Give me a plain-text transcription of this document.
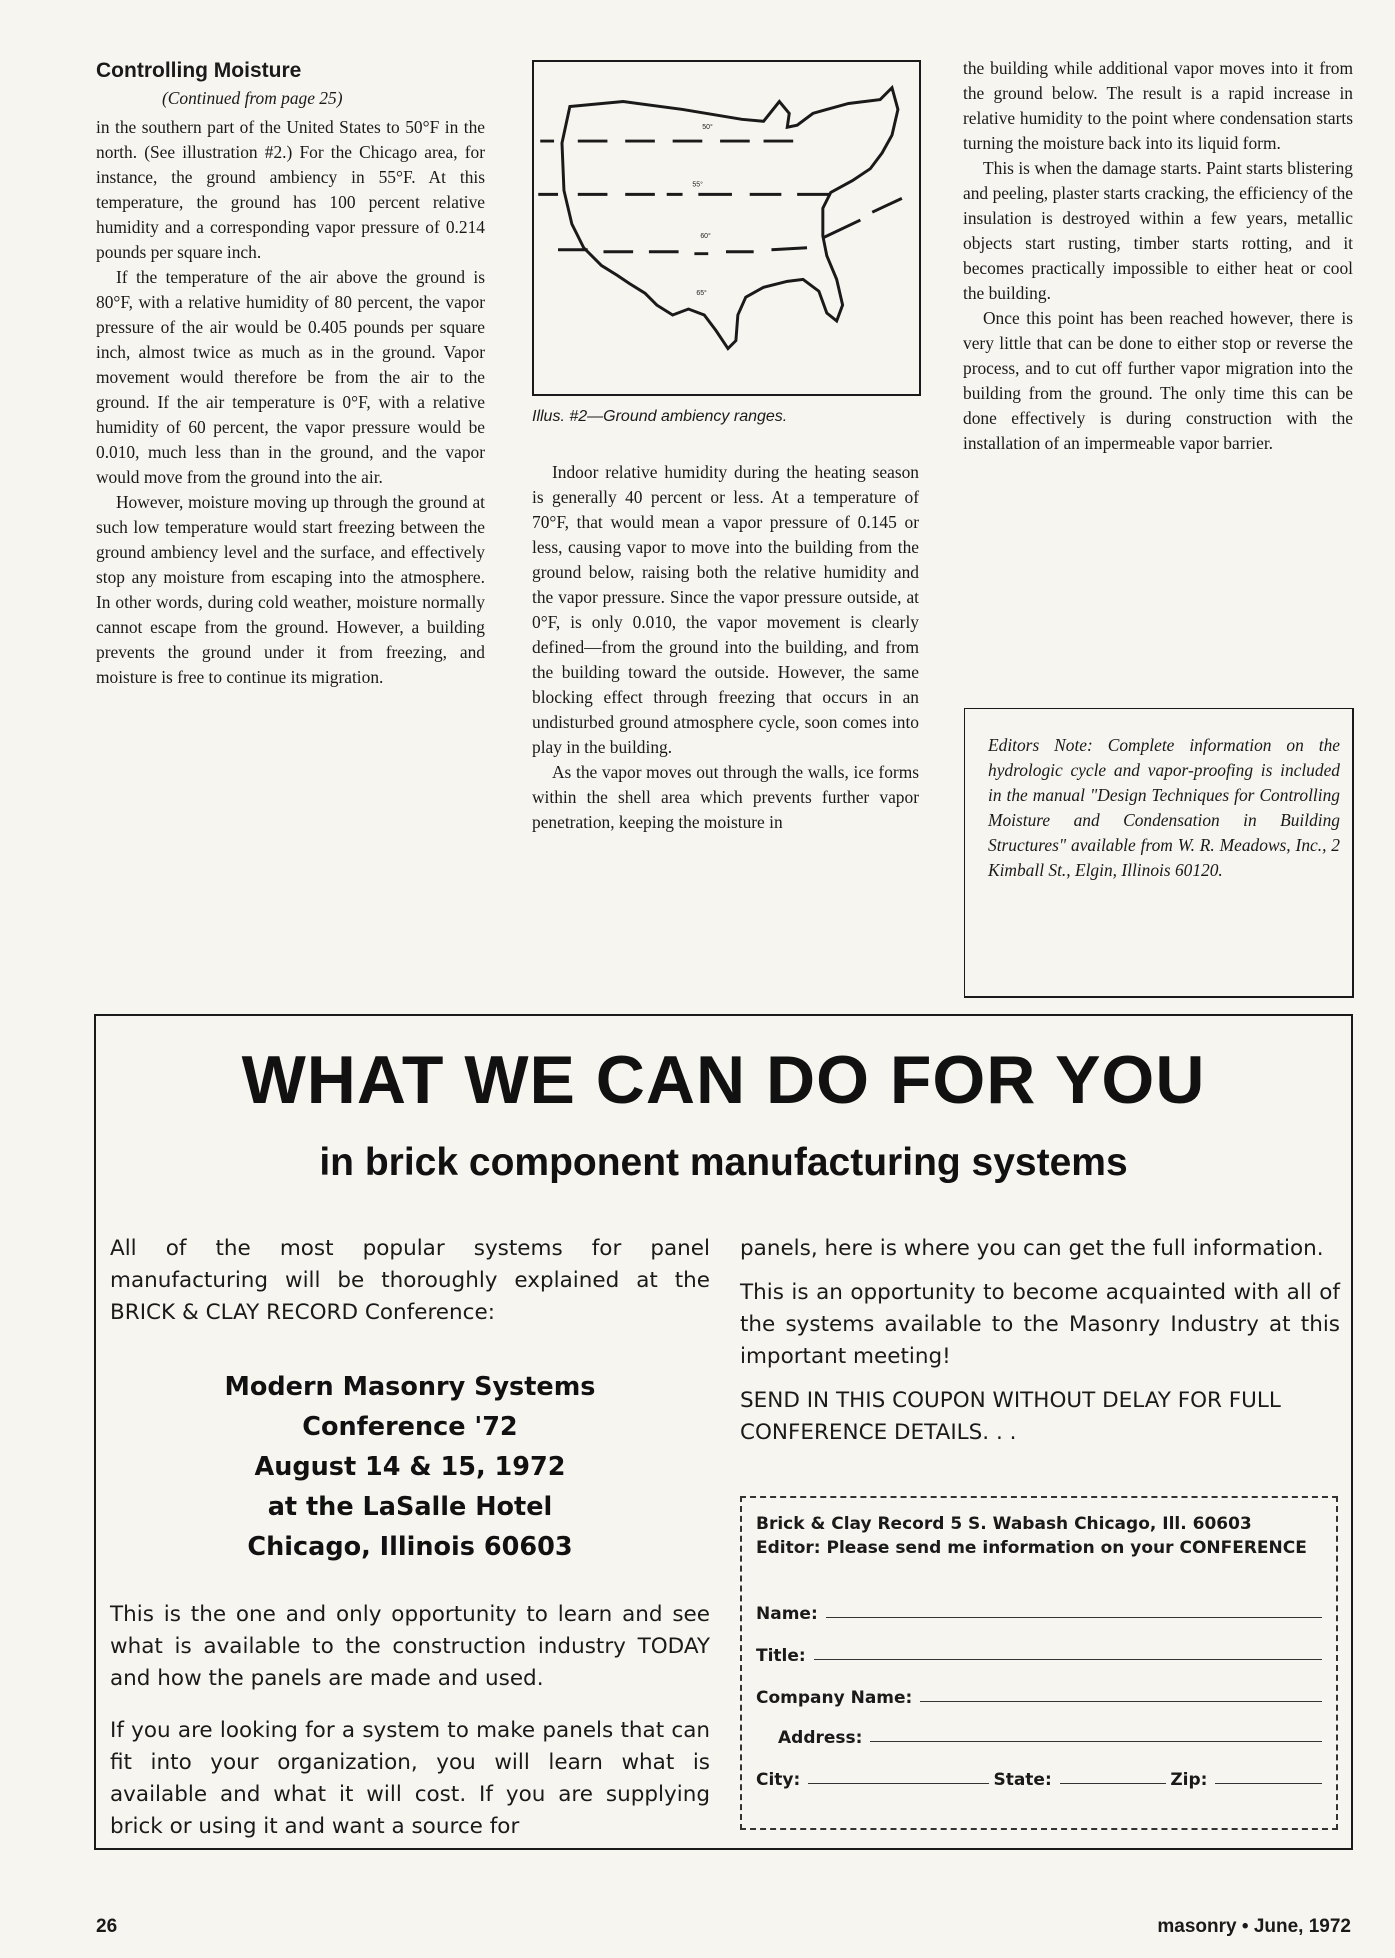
Controlling Moisture

(Continued from page 25)

in the southern part of the United States to 50°F in the north. (See illustration #2.) For the Chicago area, for instance, the ground ambiency in 55°F. At this temperature, the ground has 100 percent relative humidity and a corresponding vapor pressure of 0.214 pounds per square inch.

If the temperature of the air above the ground is 80°F, with a relative humidity of 80 percent, the vapor pressure of the air would be 0.405 pounds per square inch, almost twice as much as in the ground. Vapor movement would therefore be from the air to the ground. If the air temperature is 0°F, with a relative humidity of 60 percent, the vapor pressure would be 0.010, much less than in the ground, and the vapor would move from the ground into the air.

However, moisture moving up through the ground at such low temperature would start freezing between the ground ambiency level and the surface, and effectively stop any moisture from escaping into the atmosphere. In other words, during cold weather, moisture normally cannot escape from the ground. However, a building prevents the ground under it from freezing, and moisture is free to continue its migration.

50°
55°
60°
65°
Illus. #2—Ground ambiency ranges.

Indoor relative humidity during the heating season is generally 40 percent or less. At a temperature of 70°F, that would mean a vapor pressure of 0.145 or less, causing vapor to move into the building from the ground below, raising both the relative humidity and the vapor pressure. Since the vapor pressure outside, at 0°F, is only 0.010, the vapor movement is clearly defined—from the ground into the building, and from the building toward the outside. However, the same blocking effect through freezing that occurs in an undisturbed ground atmosphere cycle, soon comes into play in the building.

As the vapor moves out through the walls, ice forms within the shell area which prevents further vapor penetration, keeping the moisture in

the building while additional vapor moves into it from the ground below. The result is a rapid increase in relative humidity to the point where condensation starts turning the moisture back into its liquid form.

This is when the damage starts. Paint starts blistering and peeling, plaster starts cracking, the efficiency of the insulation is destroyed within a few years, metallic objects start rusting, timber starts rotting, and it becomes practically impossible to either heat or cool the building.

Once this point has been reached however, there is very little that can be done to either stop or reverse the process, and to cut off further vapor migration into the building from the ground. The only time this can be done effectively is during construction with the installation of an impermeable vapor barrier.

Editors Note: Complete information on the hydrologic cycle and vapor-proofing is included in the manual "Design Techniques for Controlling Moisture and Condensation in Building Structures" available from W. R. Meadows, Inc., 2 Kimball St., Elgin, Illinois 60120.
WHAT WE CAN DO FOR YOU
in brick component manufacturing systems

All of the most popular systems for panel manufacturing will be thoroughly explained at the BRICK & CLAY RECORD Conference:

Modern Masonry Systems
Conference '72
August 14 & 15, 1972
at the LaSalle Hotel
Chicago, Illinois 60603

This is the one and only opportunity to learn and see what is available to the construction industry TODAY and how the panels are made and used.

If you are looking for a system to make panels that can fit into your organization, you will learn what is available and what it will cost. If you are supplying brick or using it and want a source for

panels, here is where you can get the full information.

This is an opportunity to become acquainted with all of the systems available to the Masonry Industry at this important meeting!

SEND IN THIS COUPON WITHOUT DELAY FOR FULL CONFERENCE DETAILS. . .

Brick & Clay Record 5 S. Wabash Chicago, Ill. 60603
Editor: Please send me information on your CONFERENCE
Name:
Title:
Company Name:
Address:
City:	State:	Zip:
26	masonry • June, 1972
